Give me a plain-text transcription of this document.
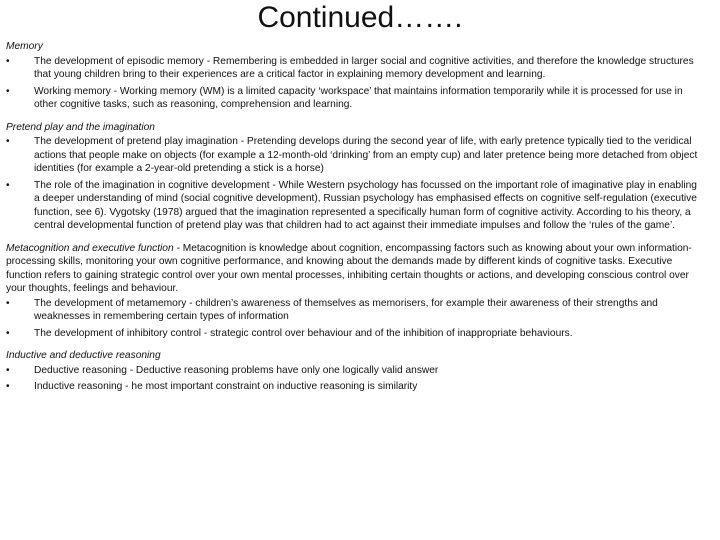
Continued…….

Memory

•	The development of episodic memory - Remembering is embedded in larger social and cognitive activities, and therefore the knowledge structures that young children bring to their experiences are a critical factor in explaining memory development and learning.
•	Working memory - Working memory (WM) is a limited capacity ‘workspace’ that maintains information temporarily while it is processed for use in other cognitive tasks, such as reasoning, comprehension and learning.

Pretend play and the imagination

•	The development of pretend play imagination - Pretending develops during the second year of life, with early pretence typically tied to the veridical actions that people make on objects (for example a 12-month-old ‘drinking’ from an empty cup) and later pretence being more detached from object identities (for example a 2-year-old pretending a stick is a horse)
•	The role of the imagination in cognitive development - While Western psychology has focussed on the important role of imaginative play in enabling a deeper understanding of mind (social cognitive development), Russian psychology has emphasised effects on cognitive self-regulation (executive function, see 6). Vygotsky (1978) argued that the imagination represented a specifically human form of cognitive activity. According to his theory, a central developmental function of pretend play was that children had to act against their immediate impulses and follow the ‘rules of the game’.

Metacognition and executive function - Metacognition is knowledge about cognition, encompassing factors such as knowing about your own information-processing skills, monitoring your own cognitive performance, and knowing about the demands made by different kinds of cognitive tasks. Executive function refers to gaining strategic control over your own mental processes, inhibiting certain thoughts or actions, and developing conscious control over your thoughts, feelings and behaviour.

•	The development of metamemory - children’s awareness of themselves as memorisers, for example their awareness of their strengths and weaknesses in remembering certain types of information
•	The development of inhibitory control - strategic control over behaviour and of the inhibition of inappropriate behaviours.

Inductive and deductive reasoning

•	Deductive reasoning - Deductive reasoning problems have only one logically valid answer
•	Inductive reasoning - he most important constraint on inductive reasoning is similarity
